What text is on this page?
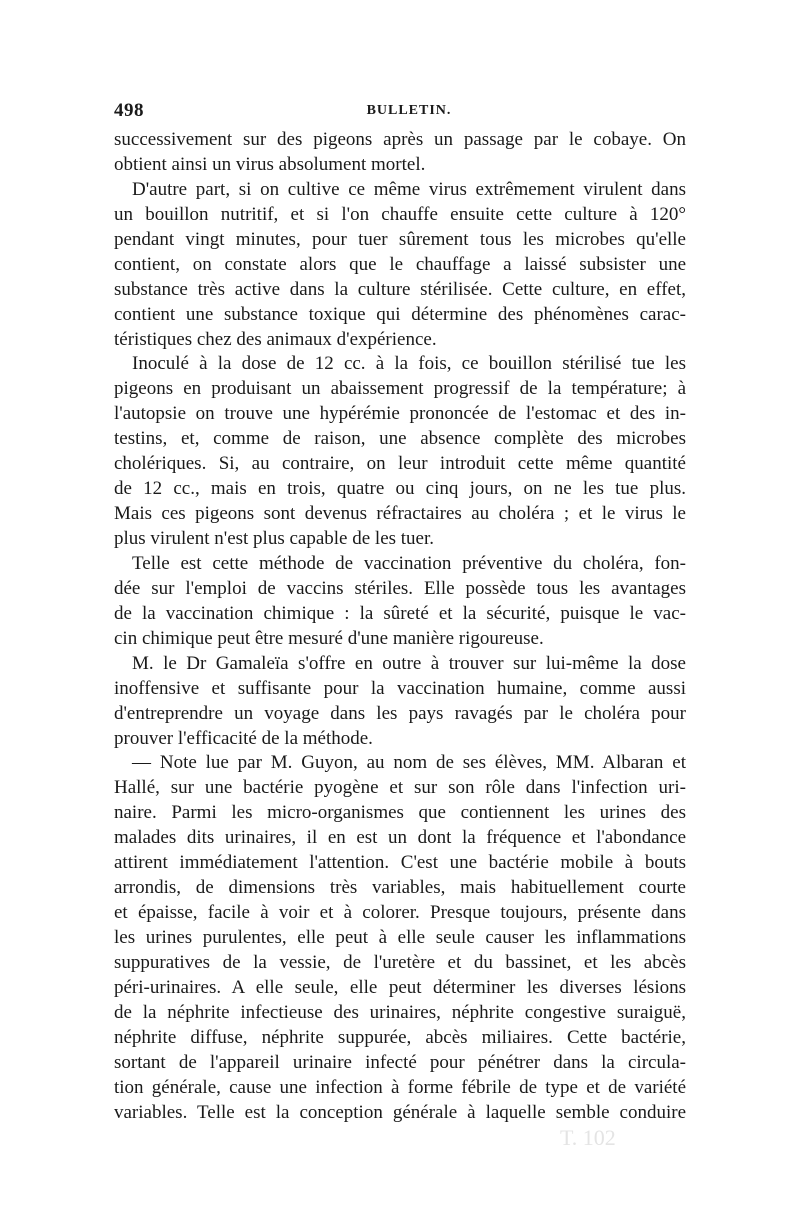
498	BULLETIN.
successivement sur des pigeons après un passage par le cobaye. On
obtient ainsi un virus absolument mortel.
D'autre part, si on cultive ce même virus extrêmement virulent dans
un bouillon nutritif, et si l'on chauffe ensuite cette culture à 120°
pendant vingt minutes, pour tuer sûrement tous les microbes qu'elle
contient, on constate alors que le chauffage a laissé subsister une
substance très active dans la culture stérilisée. Cette culture, en effet,
contient une substance toxique qui détermine des phénomènes carac-
téristiques chez des animaux d'expérience.
Inoculé à la dose de 12 cc. à la fois, ce bouillon stérilisé tue les
pigeons en produisant un abaissement progressif de la température; à
l'autopsie on trouve une hypérémie prononcée de l'estomac et des in-
testins, et, comme de raison, une absence complète des microbes
cholériques. Si, au contraire, on leur introduit cette même quantité
de 12 cc., mais en trois, quatre ou cinq jours, on ne les tue plus.
Mais ces pigeons sont devenus réfractaires au choléra ; et le virus le
plus virulent n'est plus capable de les tuer.
Telle est cette méthode de vaccination préventive du choléra, fon-
dée sur l'emploi de vaccins stériles. Elle possède tous les avantages
de la vaccination chimique : la sûreté et la sécurité, puisque le vac-
cin chimique peut être mesuré d'une manière rigoureuse.
M. le Dr Gamaleïa s'offre en outre à trouver sur lui-même la dose
inoffensive et suffisante pour la vaccination humaine, comme aussi
d'entreprendre un voyage dans les pays ravagés par le choléra pour
prouver l'efficacité de la méthode.
— Note lue par M. Guyon, au nom de ses élèves, MM. Albaran et
Hallé, sur une bactérie pyogène et sur son rôle dans l'infection uri-
naire. Parmi les micro-organismes que contiennent les urines des
malades dits urinaires, il en est un dont la fréquence et l'abondance
attirent immédiatement l'attention. C'est une bactérie mobile à bouts
arrondis, de dimensions très variables, mais habituellement courte
et épaisse, facile à voir et à colorer. Presque toujours, présente dans
les urines purulentes, elle peut à elle seule causer les inflammations
suppuratives de la vessie, de l'uretère et du bassinet, et les abcès
péri-urinaires. A elle seule, elle peut déterminer les diverses lésions
de la néphrite infectieuse des urinaires, néphrite congestive suraiguë,
néphrite diffuse, néphrite suppurée, abcès miliaires. Cette bactérie,
sortant de l'appareil urinaire infecté pour pénétrer dans la circula-
tion générale, cause une infection à forme fébrile de type et de variété
variables. Telle est la conception générale à laquelle semble conduire
T. 102
